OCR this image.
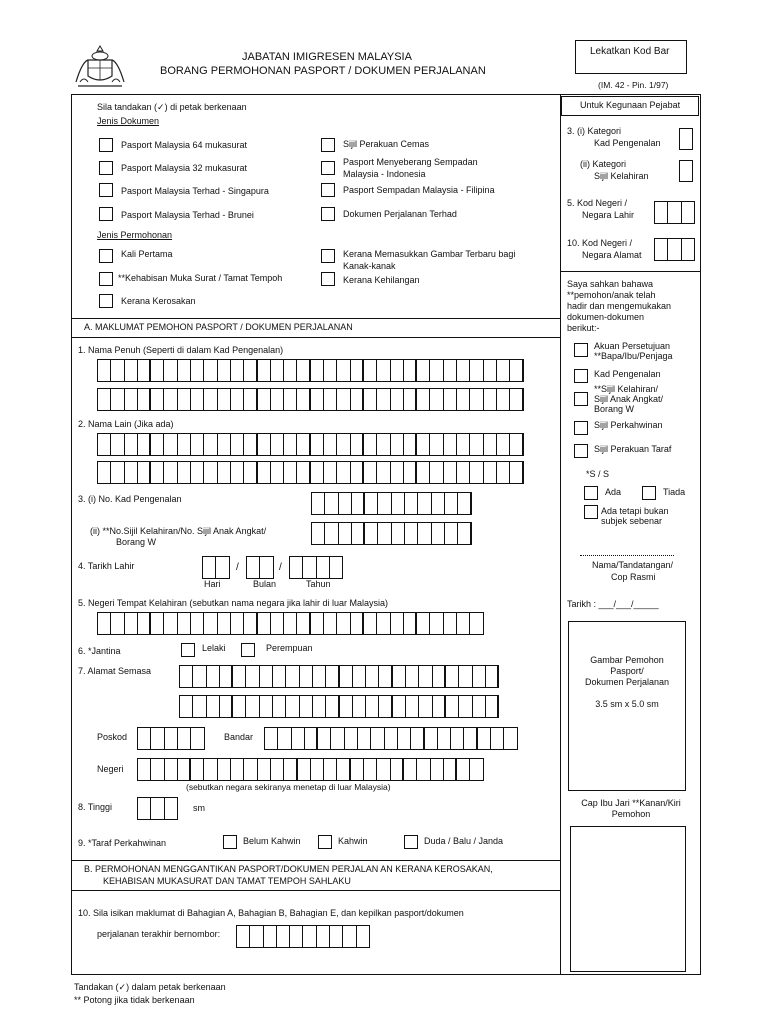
JABATAN IMIGRESEN MALAYSIA
BORANG PERMOHONAN PASPORT / DOKUMEN PERJALANAN
Lekatkan Kod Bar
(IM. 42 - Pin. 1/97)
Sila tandakan (✓) di petak berkenaan
Jenis Dokumen
Pasport Malaysia 64 mukasurat
Pasport Malaysia 32 mukasurat
Pasport Malaysia Terhad - Singapura
Pasport Malaysia Terhad - Brunei
Sijil Perakuan Cemas
Pasport Menyeberang Sempadan
Malaysia - Indonesia
Pasport Sempadan Malaysia - Filipina
Dokumen Perjalanan Terhad
Jenis Permohonan
Kali Pertama
**Kehabisan Muka Surat / Tamat Tempoh
Kerana Kerosakan
Kerana Memasukkan Gambar Terbaru bagi
Kanak-kanak
Kerana Kehilangan
A. MAKLUMAT PEMOHON PASPORT / DOKUMEN PERJALANAN
1. Nama Penuh (Seperti di dalam Kad Pengenalan)
2. Nama Lain (Jika ada)
3. (i) No. Kad Pengenalan
(ii) **No.Sijil Kelahiran/No. Sijil Anak Angkat/
Borang W
4. Tarikh Lahir	/	/
Hari	Bulan	Tahun
5. Negeri Tempat Kelahiran (sebutkan nama negara jika lahir di luar Malaysia)
6. *Jantina	Lelaki	Perempuan
7. Alamat Semasa
Poskod	Bandar
Negeri
(sebutkan negara sekiranya menetap di luar Malaysia)
8. Tinggi	sm
9. *Taraf Perkahwinan	Belum Kahwin	Kahwin	Duda / Balu / Janda
B. PERMOHONAN MENGGANTIKAN PASPORT/DOKUMEN PERJALAN AN KERANA KEROSAKAN,
KEHABISAN MUKASURAT DAN TAMAT TEMPOH SAHLAKU
10. Sila isikan maklumat di Bahagian A, Bahagian B, Bahagian E, dan kepilkan pasport/dokumen
perjalanan terakhir bernombor:
Untuk Kegunaan Pejabat
3. (i) Kategori
Kad Pengenalan
(ii) Kategori
Sijil Kelahiran
5. Kod Negeri /
Negara Lahir
10. Kod Negeri /
Negara Alamat
Saya sahkan bahawa
**pemohon/anak telah
hadir dan mengemukakan
dokumen-dokumen
berikut:-
Akuan Persetujuan
**Bapa/Ibu/Penjaga
Kad Pengenalan
**Sijil Kelahiran/
Sijil Anak Angkat/
Borang W
Sijil Perkahwinan
Sijil Perakuan Taraf
*S / S
Ada	Tiada
Ada tetapi bukan
subjek sebenar
Nama/Tandatangan/
Cop Rasmi
Tarikh : ___/___/_____
Gambar Pemohon
Pasport/
Dokumen Perjalanan
3.5 sm x 5.0 sm
Cap Ibu Jari **Kanan/Kiri
Pemohon
Tandakan (✓) dalam petak berkenaan
** Potong jika tidak berkenaan
